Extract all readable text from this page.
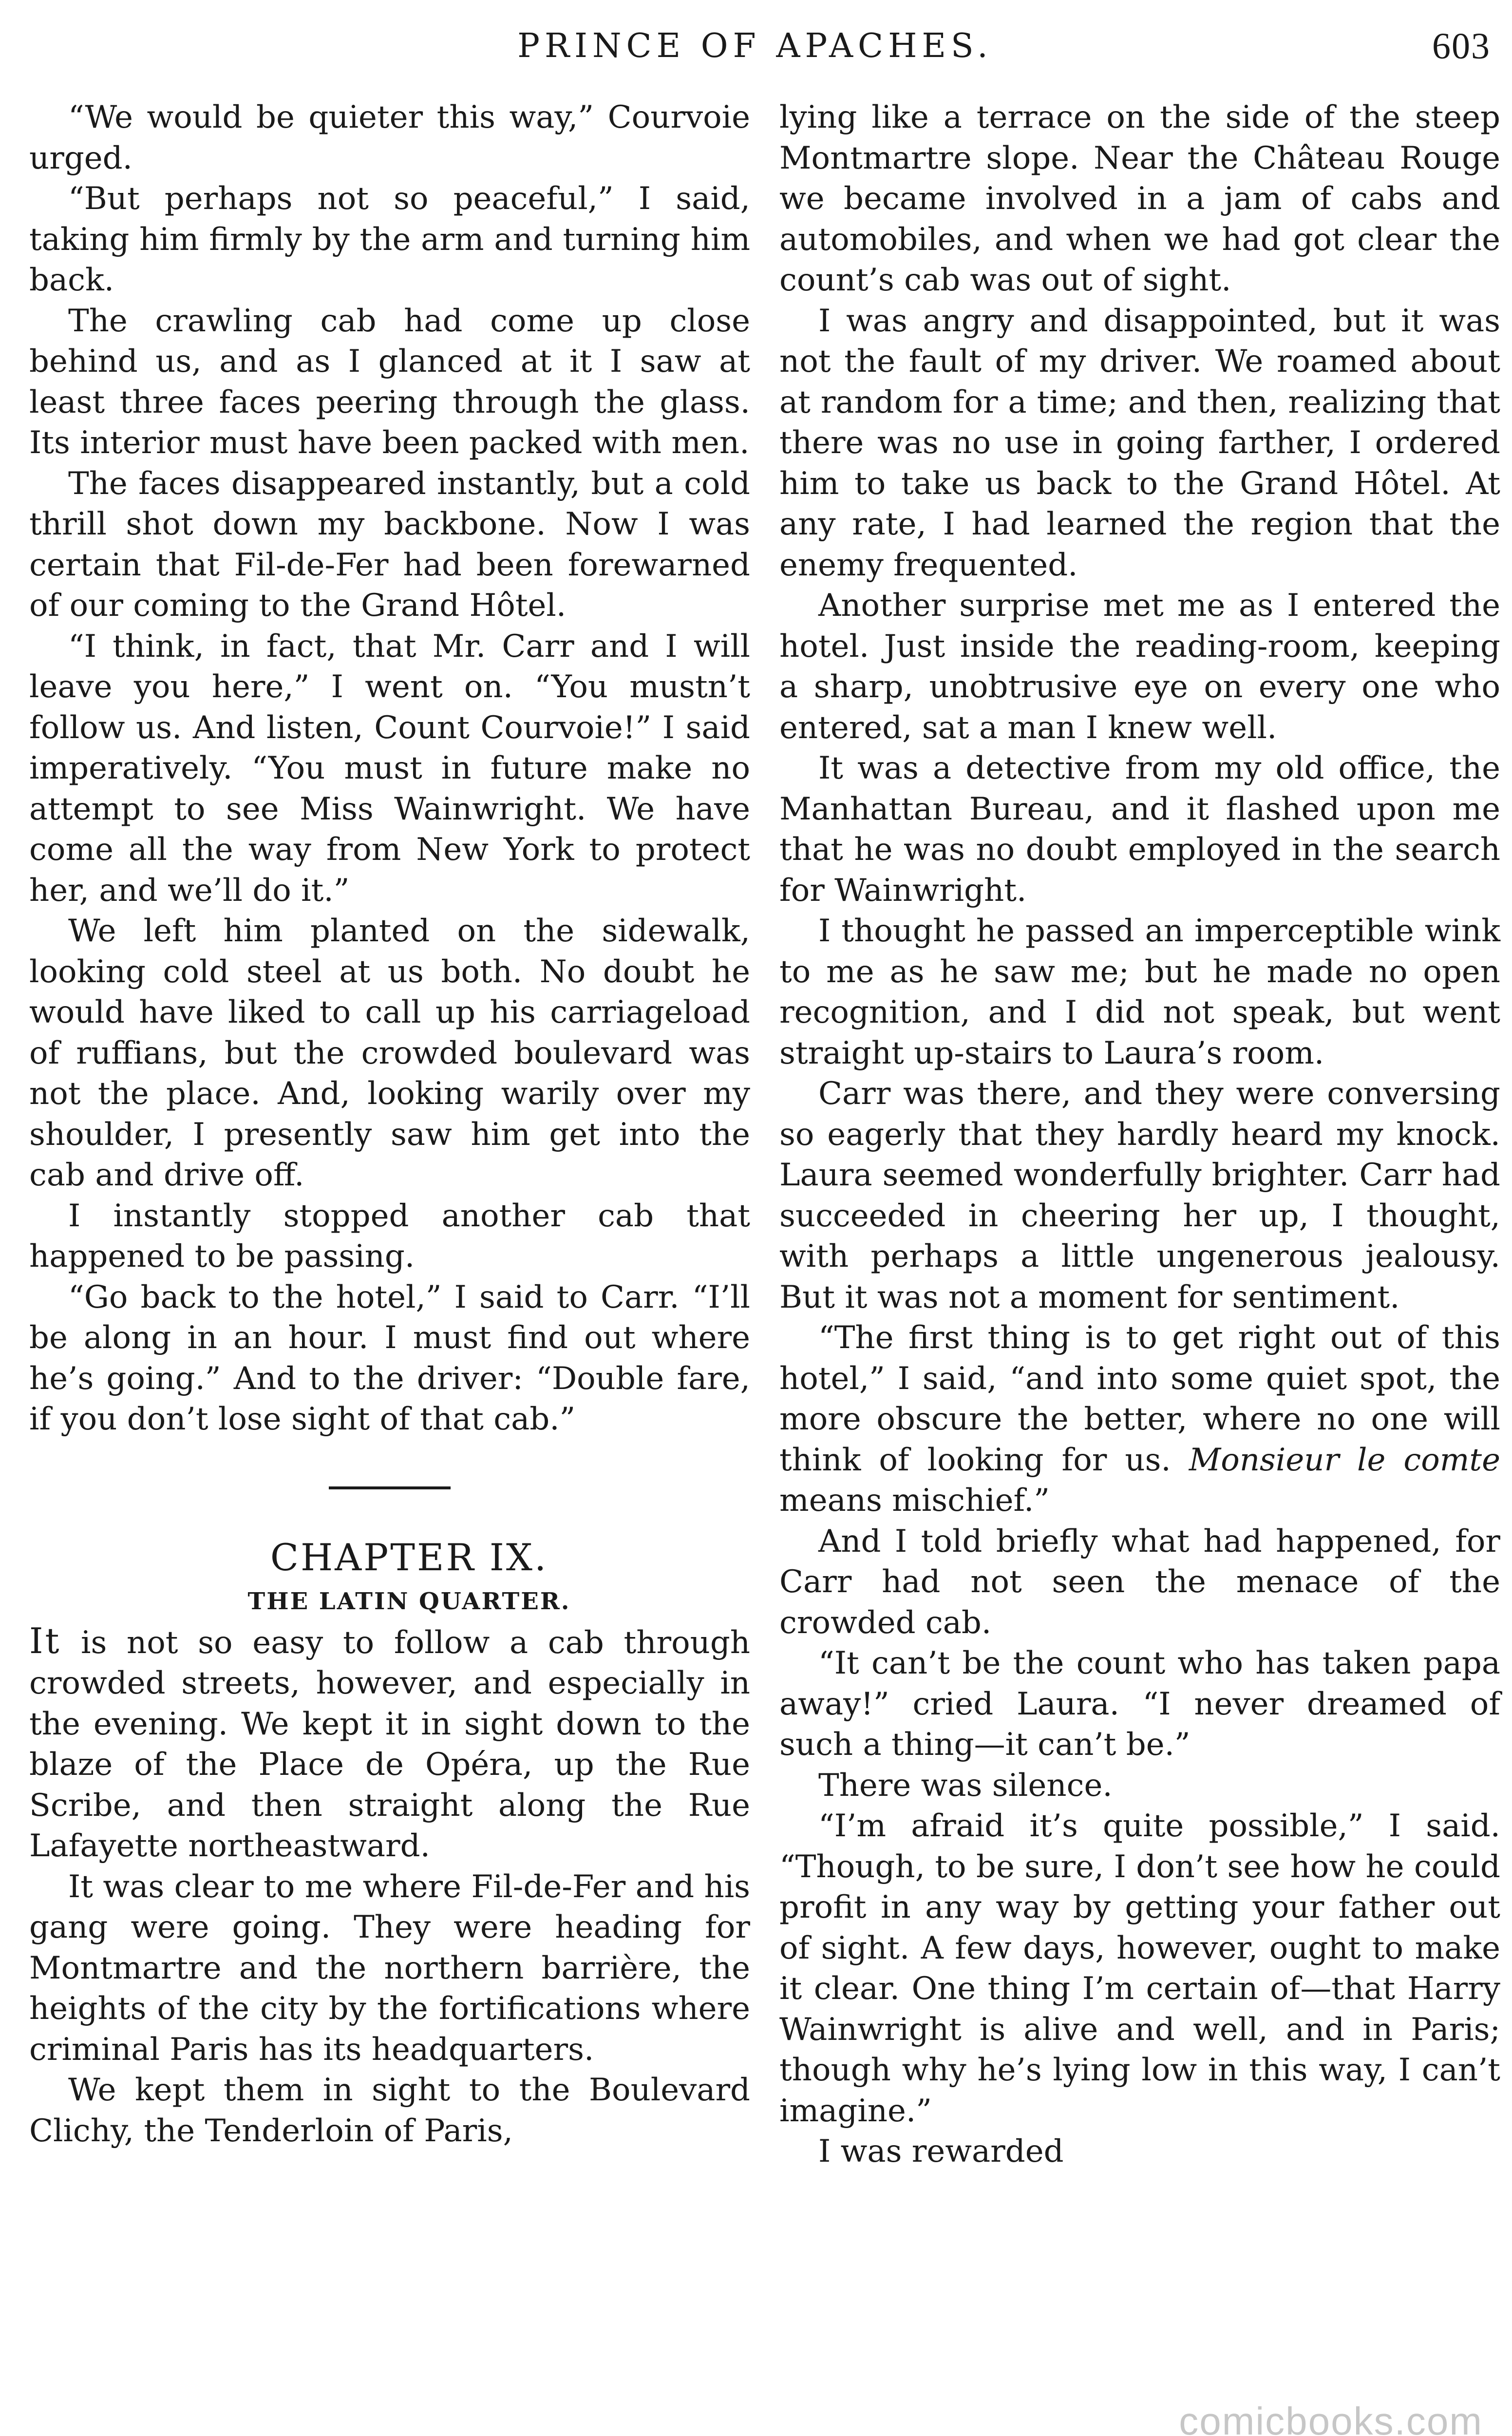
PRINCE OF APACHES.	603

“We would be quieter this way,” Courvoie urged.

“But perhaps not so peaceful,” I said, taking him firmly by the arm and turning him back.

The crawling cab had come up close behind us, and as I glanced at it I saw at least three faces peering through the glass. Its interior must have been packed with men.

The faces disappeared instantly, but a cold thrill shot down my backbone. Now I was certain that Fil-de-Fer had been forewarned of our coming to the Grand Hôtel.

“I think, in fact, that Mr. Carr and I will leave you here,” I went on. “You mustn’t follow us. And listen, Count Courvoie!” I said imperatively. “You must in future make no attempt to see Miss Wainwright. We have come all the way from New York to protect her, and we’ll do it.”

We left him planted on the sidewalk, looking cold steel at us both. No doubt he would have liked to call up his carriageload of ruffians, but the crowded boulevard was not the place. And, looking warily over my shoulder, I presently saw him get into the cab and drive off.

I instantly stopped another cab that happened to be passing.

“Go back to the hotel,” I said to Carr. “I’ll be along in an hour. I must find out where he’s going.” And to the driver: “Double fare, if you don’t lose sight of that cab.”

CHAPTER IX.

THE LATIN QUARTER.

It is not so easy to follow a cab through crowded streets, however, and especially in the evening. We kept it in sight down to the blaze of the Place de Opéra, up the Rue Scribe, and then straight along the Rue Lafayette northeastward.

It was clear to me where Fil-de-Fer and his gang were going. They were heading for Montmartre and the northern barrière, the heights of the city by the fortifications where criminal Paris has its headquarters.

We kept them in sight to the Boulevard Clichy, the Tenderloin of Paris,

lying like a terrace on the side of the steep Montmartre slope. Near the Château Rouge we became involved in a jam of cabs and automobiles, and when we had got clear the count’s cab was out of sight.

I was angry and disappointed, but it was not the fault of my driver. We roamed about at random for a time; and then, realizing that there was no use in going farther, I ordered him to take us back to the Grand Hôtel. At any rate, I had learned the region that the enemy frequented.

Another surprise met me as I entered the hotel. Just inside the reading-room, keeping a sharp, unobtrusive eye on every one who entered, sat a man I knew well.

It was a detective from my old office, the Manhattan Bureau, and it flashed upon me that he was no doubt employed in the search for Wainwright.

I thought he passed an imperceptible wink to me as he saw me; but he made no open recognition, and I did not speak, but went straight up-stairs to Laura’s room.

Carr was there, and they were conversing so eagerly that they hardly heard my knock. Laura seemed wonderfully brighter. Carr had succeeded in cheering her up, I thought, with perhaps a little ungenerous jealousy. But it was not a moment for sentiment.

“The first thing is to get right out of this hotel,” I said, “and into some quiet spot, the more obscure the better, where no one will think of looking for us. Monsieur le comte means mischief.”

And I told briefly what had happened, for Carr had not seen the menace of the crowded cab.

“It can’t be the count who has taken papa away!” cried Laura. “I never dreamed of such a thing—it can’t be.”

There was silence.

“I’m afraid it’s quite possible,” I said. “Though, to be sure, I don’t see how he could profit in any way by getting your father out of sight. A few days, however, ought to make it clear. One thing I’m certain of—that Harry Wainwright is alive and well, and in Paris; though why he’s lying low in this way, I can’t imagine.”

I was rewarded

comicbooks.com
